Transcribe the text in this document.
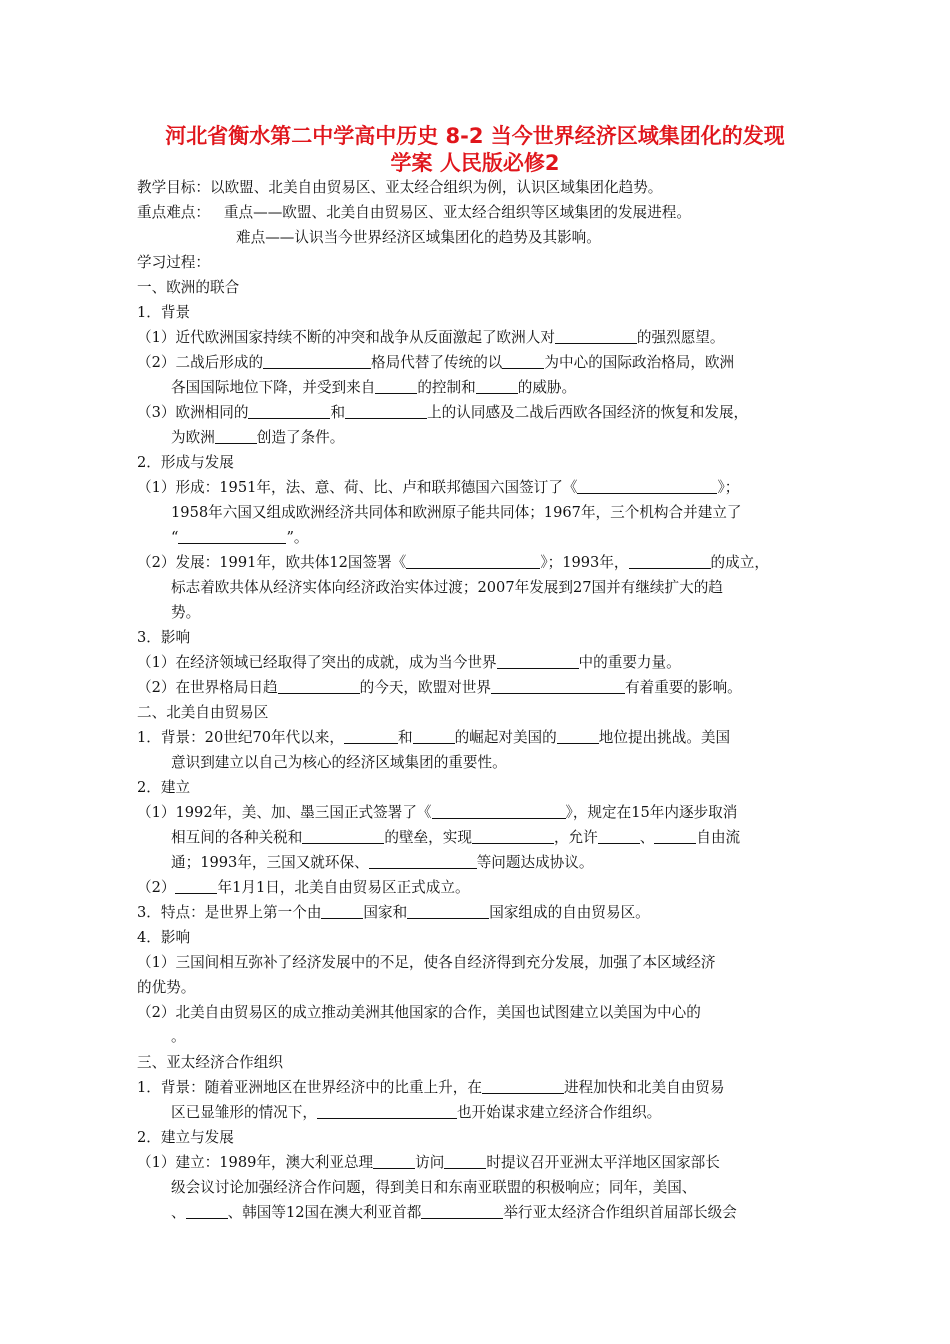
河北省衡水第二中学高中历史 8-2 当今世界经济区域集团化的发现
学案 人民版必修2
教学目标：以欧盟、北美自由贸易区、亚太经合组织为例，认识区域集团化趋势。
重点难点： 重点——欧盟、北美自由贸易区、亚太经合组织等区域集团的发展进程。
难点——认识当今世界经济区域集团化的趋势及其影响。
学习过程：
一、欧洲的联合
1．背景
（1）近代欧洲国家持续不断的冲突和战争从反面激起了欧洲人对	的强烈愿望。
（2）二战后形成的	格局代替了传统的以	为中心的国际政治格局，欧洲
各国国际地位下降，并受到来自	的控制和	的威胁。
（3）欧洲相同的	和	上的认同感及二战后西欧各国经济的恢复和发展，
为欧洲	创造了条件。
2．形成与发展
（1）形成：1951年，法、意、荷、比、卢和联邦德国六国签订了《	》；
1958年六国又组成欧洲经济共同体和欧洲原子能共同体；1967年，三个机构合并建立了
“	”。
（2）发展：1991年，欧共体12国签署《	》；1993年，	的成立，
标志着欧共体从经济实体向经济政治实体过渡；2007年发展到27国并有继续扩大的趋
势。
3．影响
（1）在经济领域已经取得了突出的成就，成为当今世界	中的重要力量。
（2）在世界格局日趋	的今天，欧盟对世界	有着重要的影响。
二、北美自由贸易区
1．背景：20世纪70年代以来，	和	的崛起对美国的	地位提出挑战。美国
意识到建立以自己为核心的经济区域集团的重要性。
2．建立
（1）1992年，美、加、墨三国正式签署了《	》，规定在15年内逐步取消
相互间的各种关税和	的壁垒，实现	，允许	、	自由流
通；1993年，三国又就环保、	等问题达成协议。
（2）	年1月1日，北美自由贸易区正式成立。
3．特点：是世界上第一个由	国家和	国家组成的自由贸易区。
4．影响
（1）三国间相互弥补了经济发展中的不足，使各自经济得到充分发展，加强了本区域经济
的优势。
（2）北美自由贸易区的成立推动美洲其他国家的合作，美国也试图建立以美国为中心的
。
三、亚太经济合作组织
1．背景：随着亚洲地区在世界经济中的比重上升，在	进程加快和北美自由贸易
区已显雏形的情况下，	也开始谋求建立经济合作组织。
2．建立与发展
（1）建立：1989年，澳大利亚总理	访问	时提议召开亚洲太平洋地区国家部长
级会议讨论加强经济合作问题，得到美日和东南亚联盟的积极响应；同年，美国、
、	、韩国等12国在澳大利亚首都	举行亚太经济合作组织首届部长级会
